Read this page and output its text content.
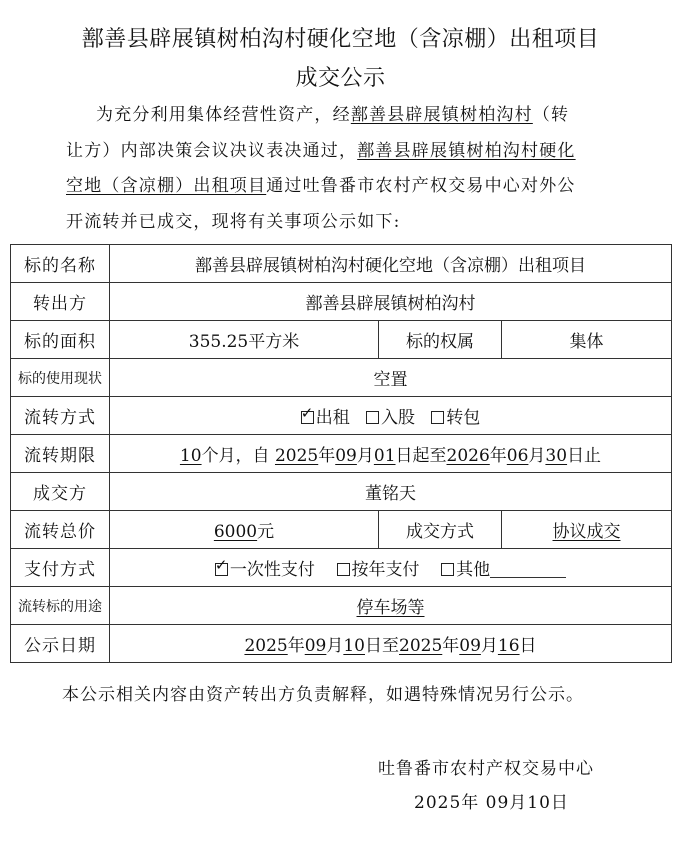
鄯善县辟展镇树柏沟村硬化空地（含凉棚）出租项目
成交公示
为充分利用集体经营性资产，经鄯善县辟展镇树柏沟村（转
让方）内部决策会议决议表决通过，鄯善县辟展镇树柏沟村硬化
空地（含凉棚）出租项目通过吐鲁番市农村产权交易中心对外公
开流转并已成交，现将有关事项公示如下:
标的名称	鄯善县辟展镇树柏沟村硬化空地（含凉棚）出租项目		
转出方	鄯善县辟展镇树柏沟村		
标的面积	355.25平方米	标的权属	集体
标的使用现状	空置		
流转方式	✓出租 入股 转包
流转期限	10个月，自 2025年09月01日起至2026年06月30日止		
成交方	董铭天		
流转总价	6000元	成交方式	协议成交
支付方式	✓一次性支付 按年支付 其他
流转标的用途	停车场等		
公示日期	2025年09月10日至2025年09月16日		
本公示相关内容由资产转出方负责解释，如遇特殊情况另行公示。
吐鲁番市农村产权交易中心
2025年 09月10日
